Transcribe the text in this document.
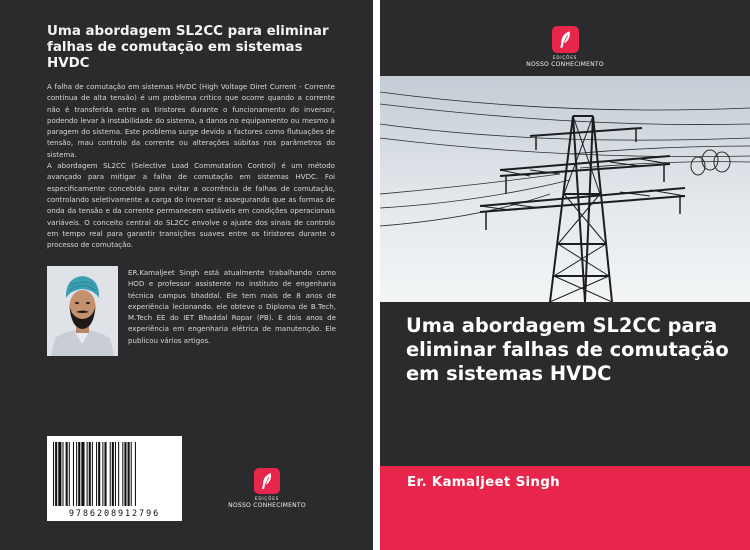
Uma abordagem SL2CC para eliminar falhas de comutação em sistemas HVDC

A falha de comutação em sistemas HVDC (High Voltage Diret Current - Corrente contínua de alta tensão) é um problema crítico que ocorre quando a corrente não é transferida entre os tiristores durante o funcionamento do inversor, podendo levar à instabilidade do sistema, a danos no equipamento ou mesmo à paragem do sistema. Este problema surge devido a factores como flutuações de tensão, mau controlo da corrente ou alterações súbitas nos parâmetros do sistema.

A abordagem SL2CC (Selective Load Commutation Control) é um método avançado para mitigar a falha de comutação em sistemas HVDC. Foi especificamente concebida para evitar a ocorrência de falhas de comutação, controlando seletivamente a carga do inversor e assegurando que as formas de onda da tensão e da corrente permanecem estáveis em condições operacionais variáveis. O conceito central do SL2CC envolve o ajuste dos sinais de controlo em tempo real para garantir transições suaves entre os tiristores durante o processo de comutação.

ER.Kamaljeet Singh está atualmente trabalhando como HOD e professor assistente no instituto de engenharia técnica campus bhaddal. Ele tem mais de 8 anos de experiência lecionando. ele obteve o Diploma de B.Tech, M.Tech EE do IET Bhaddal Ropar (PB). E dois anos de experiência em engenharia elétrica de manutenção. Ele publicou vários artigos.
9786208912796
EDIÇÕES
NOSSO CONHECIMENTO
EDIÇÕES
NOSSO CONHECIMENTO
Uma abordagem SL2CC para eliminar falhas de comutação em sistemas HVDC
Er. Kamaljeet Singh
